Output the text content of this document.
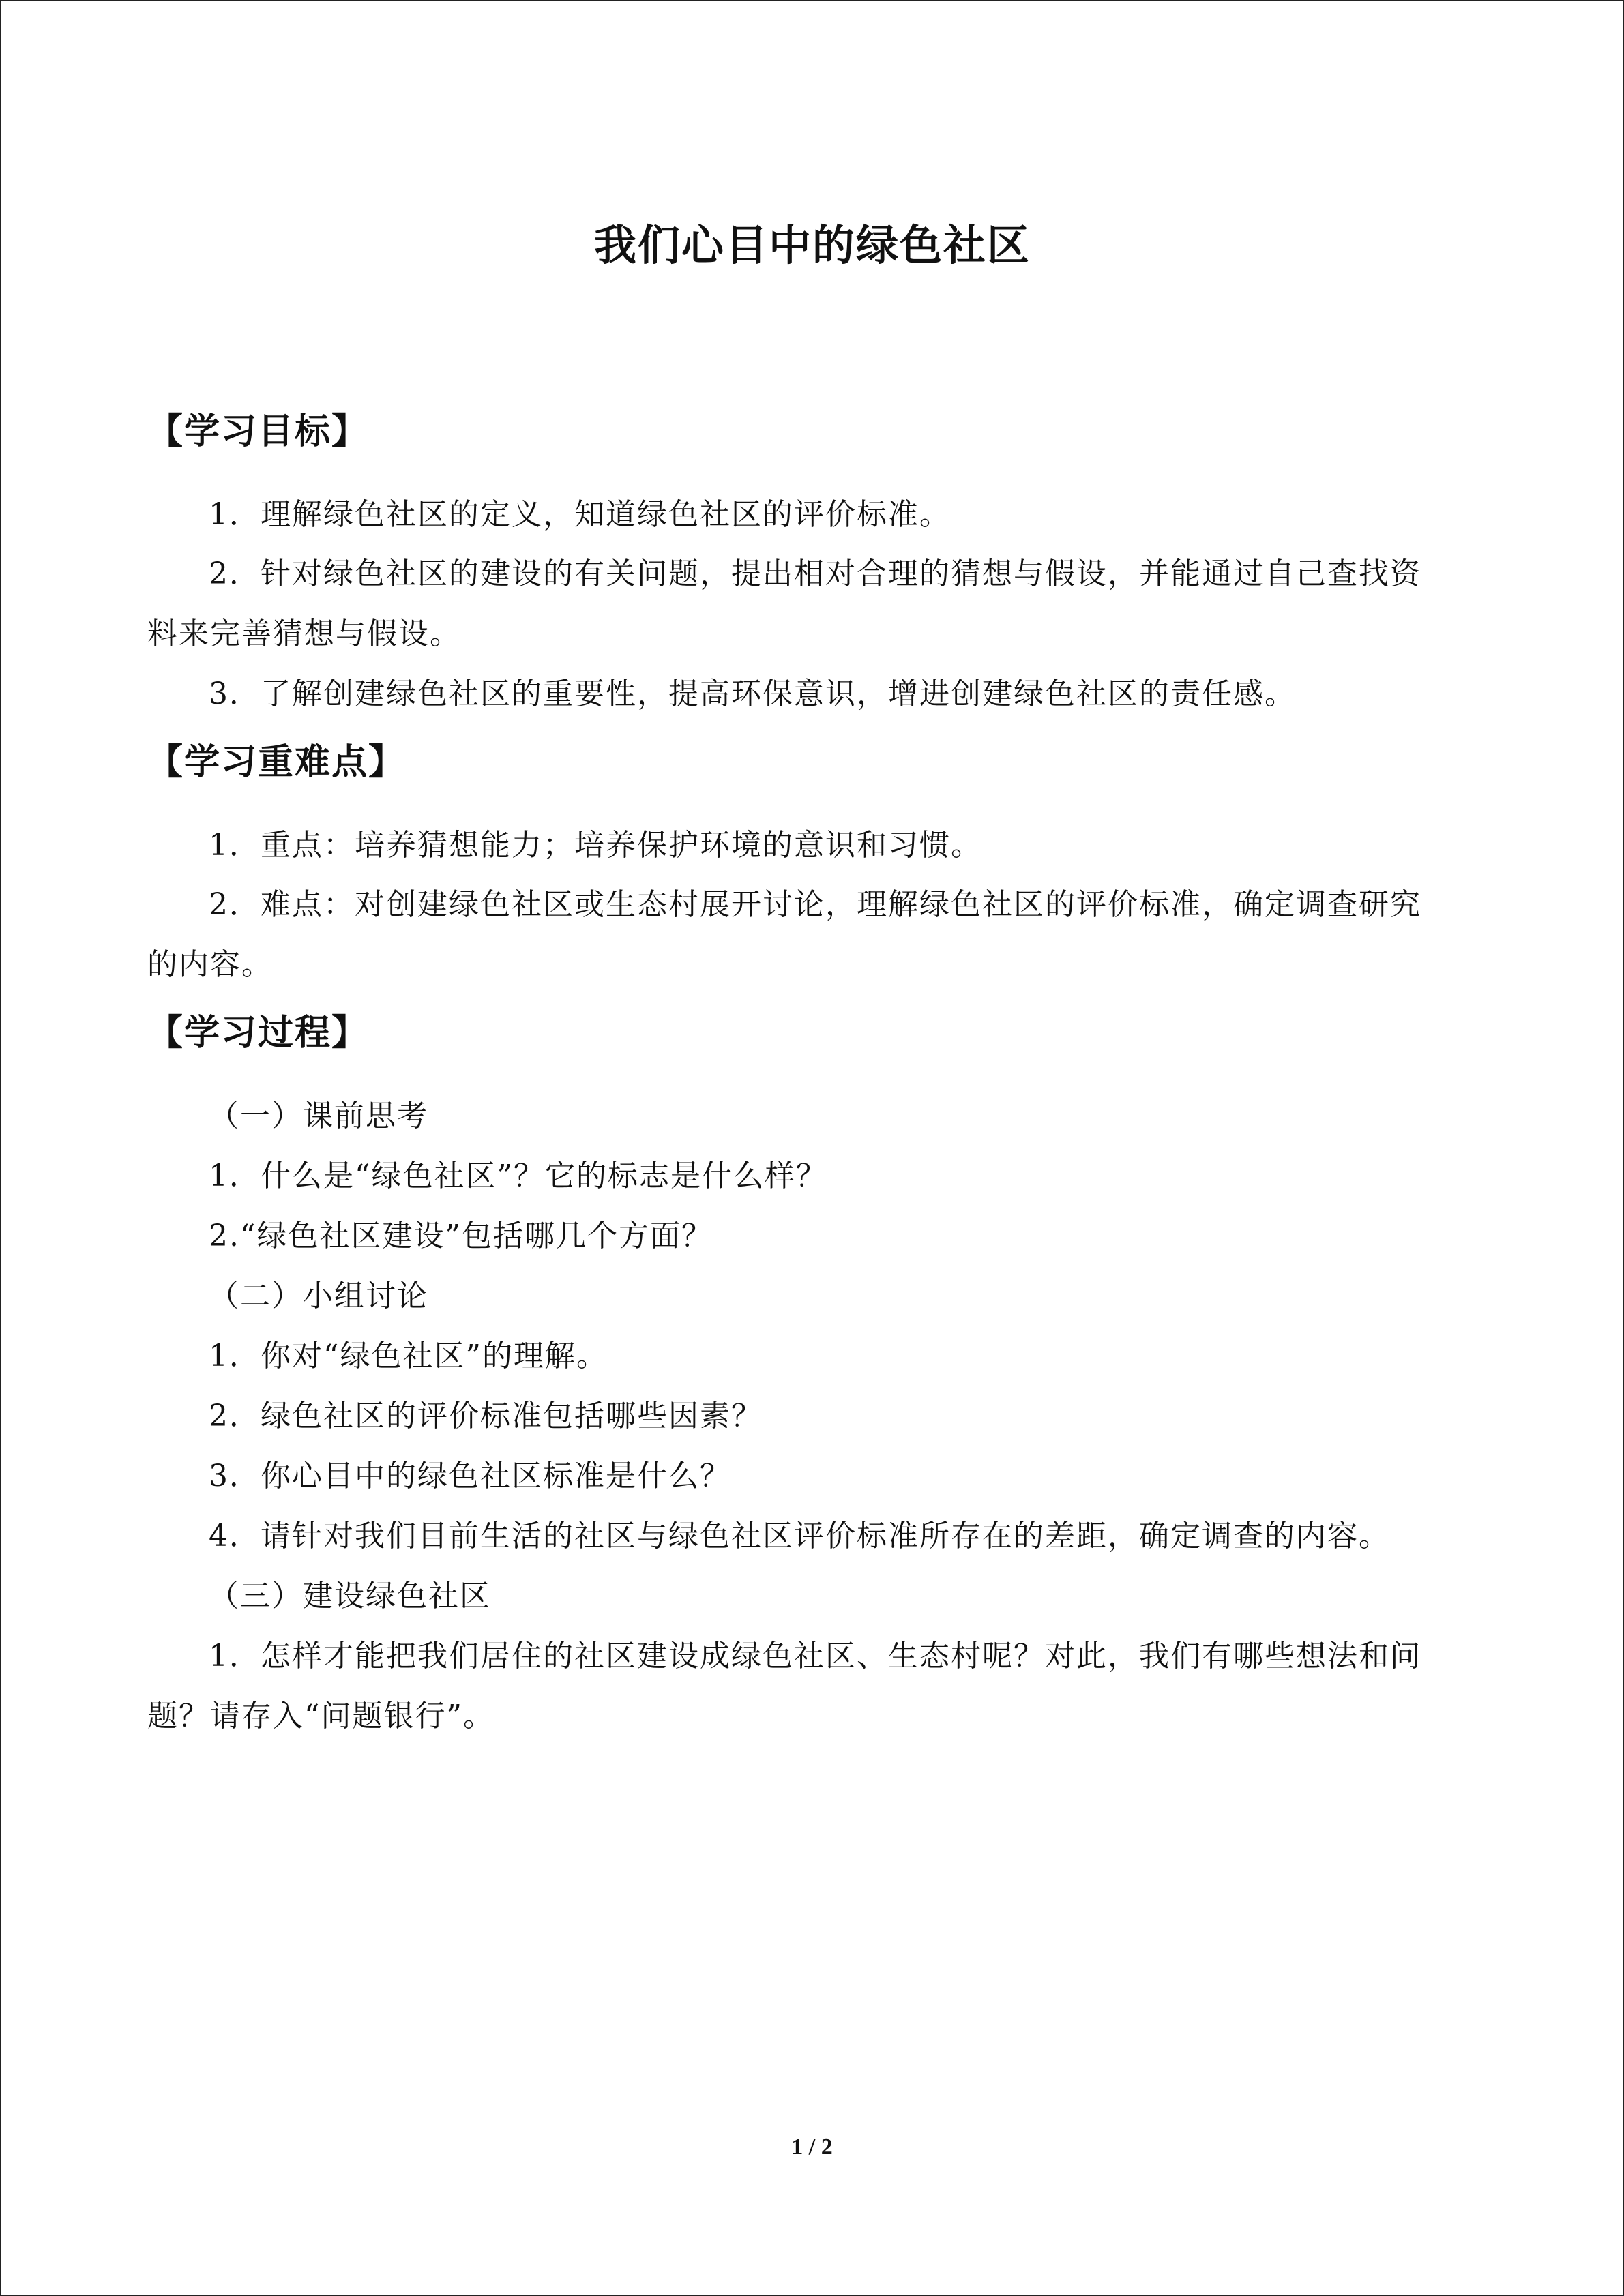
我们心目中的绿色社区
【学习目标】
1．理解绿色社区的定义，知道绿色社区的评价标准。
2．针对绿色社区的建设的有关问题，提出相对合理的猜想与假设，并能通过自己查找资
料来完善猜想与假设。
3．了解创建绿色社区的重要性，提高环保意识，增进创建绿色社区的责任感。
【学习重难点】
1．重点：培养猜想能力；培养保护环境的意识和习惯。
2．难点：对创建绿色社区或生态村展开讨论，理解绿色社区的评价标准，确定调查研究
的内容。
【学习过程】
（一）课前思考
1．什么是“绿色社区”？它的标志是什么样？
2.“绿色社区建设”包括哪几个方面？
（二）小组讨论
1．你对“绿色社区”的理解。
2．绿色社区的评价标准包括哪些因素？
3．你心目中的绿色社区标准是什么？
4．请针对我们目前生活的社区与绿色社区评价标准所存在的差距，确定调查的内容。
（三）建设绿色社区
1．怎样才能把我们居住的社区建设成绿色社区、生态村呢？对此，我们有哪些想法和问
题？请存入“问题银行”。
1 / 2
